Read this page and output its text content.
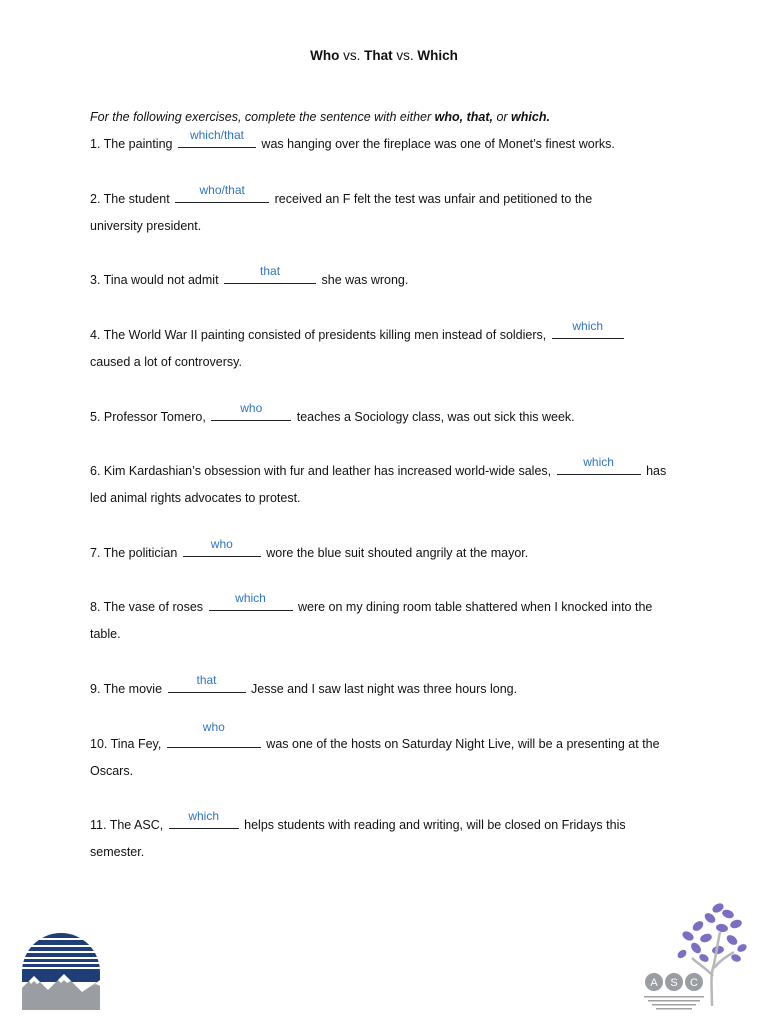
Who vs. That vs. Which
For the following exercises, complete the sentence with either who, that, or which.
1. The painting
which/that
was hanging over the fireplace was one of Monet’s finest works.
2. The student
who/that
received an F felt the test was unfair and petitioned to the university president.
3. Tina would not admit
that
she was wrong.
4. The World War II painting consisted of presidents killing men instead of soldiers,
which
caused a lot of controversy.
5. Professor Tomero,
who
teaches a Sociology class, was out sick this week.
6. Kim Kardashian’s obsession with fur and leather has increased world-wide sales,
which
has led animal rights advocates to protest.
7. The politician
who
wore the blue suit shouted angrily at the mayor.
8. The vase of roses
which
were on my dining room table shattered when I knocked into the table.
9. The movie
that
Jesse and I saw last night was three hours long.
10. Tina Fey,
who
was one of the hosts on Saturday Night Live, will be a presenting at the Oscars.
11. The ASC,
which
helps students with reading and writing, will be closed on Fridays this semester.
A S C
